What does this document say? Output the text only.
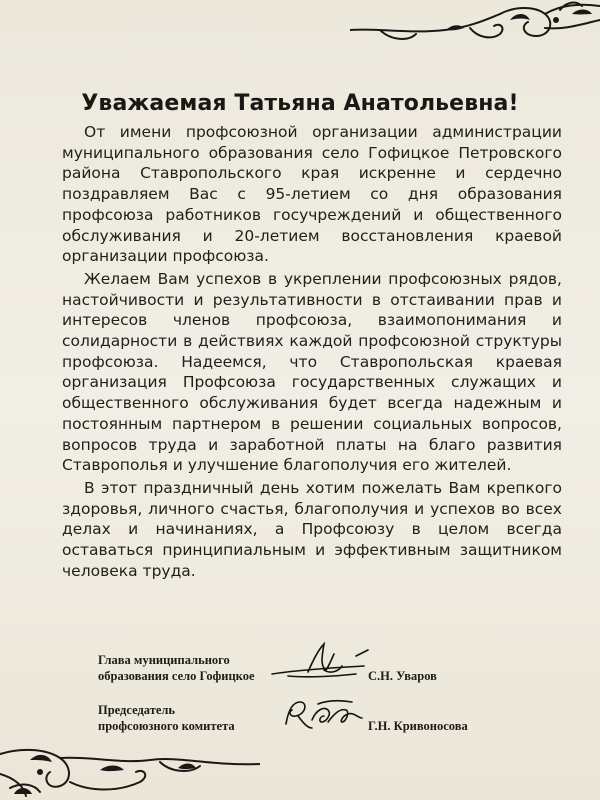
Уважаемая Татьяна Анатольевна!

От имени профсоюзной организации администрации муниципального образования село Гофицкое Петровского района Ставропольского края искренне и сердечно поздравляем Вас с 95-летием со дня образования профсоюза работников госучреждений и общественного обслуживания и 20-летием восстановления краевой организации профсоюза.

Желаем Вам успехов в укреплении профсоюзных рядов, настойчивости и результативности в отстаивании прав и интересов членов профсоюза, взаимопонимания и солидарности в действиях каждой профсоюзной структуры профсоюза. Надеемся, что Ставропольская краевая организация Профсоюза государственных служащих и общественного обслуживания будет всегда надежным и постоянным партнером в решении социальных вопросов, вопросов труда и заработной платы на благо развития Ставрополья и улучшение благополучия его жителей.

В этот праздничный день хотим пожелать Вам крепкого здоровья, личного счастья, благополучия и успехов во всех делах и начинаниях, а Профсоюзу в целом всегда оставаться принципиальным и эффективным защитником человека труда.

Глава муниципального
образования село Гофицкое	С.Н. Уваров
Председатель
профсоюзного комитета	Г.Н. Кривоносова
